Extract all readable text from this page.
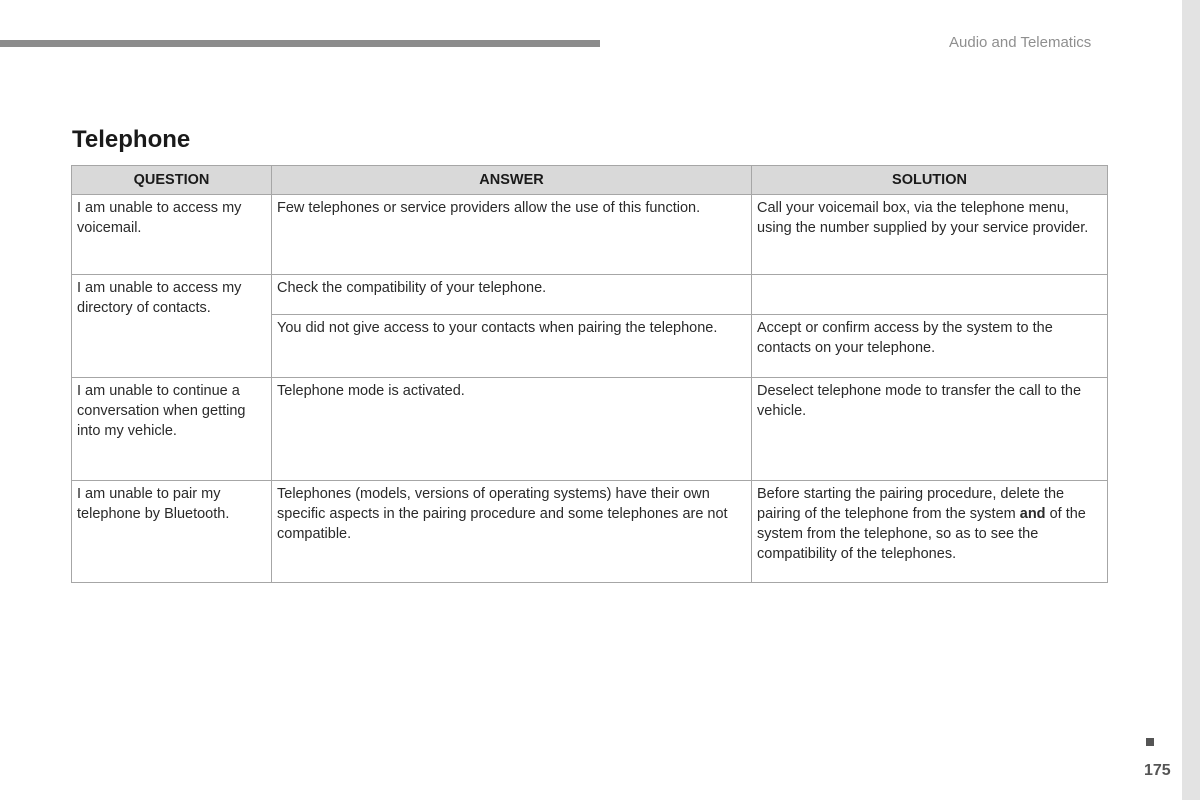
Audio and Telematics
Telephone
QUESTION	ANSWER	SOLUTION
I am unable to access my voicemail.	Few telephones or service providers allow the use of this function.	Call your voicemail box, via the telephone menu, using the number supplied by your service provider.
I am unable to access my directory of contacts.	Check the compatibility of your telephone.	
	You did not give access to your contacts when pairing the telephone.	Accept or confirm access by the system to the contacts on your telephone.
I am unable to continue a conversation when getting into my vehicle.	Telephone mode is activated.	Deselect telephone mode to transfer the call to the vehicle.
I am unable to pair my telephone by Bluetooth.	Telephones (models, versions of operating systems) have their own specific aspects in the pairing procedure and some telephones are not compatible.	Before starting the pairing procedure, delete the pairing of the telephone from the system and of the system from the telephone, so as to see the compatibility of the telephones.
175
